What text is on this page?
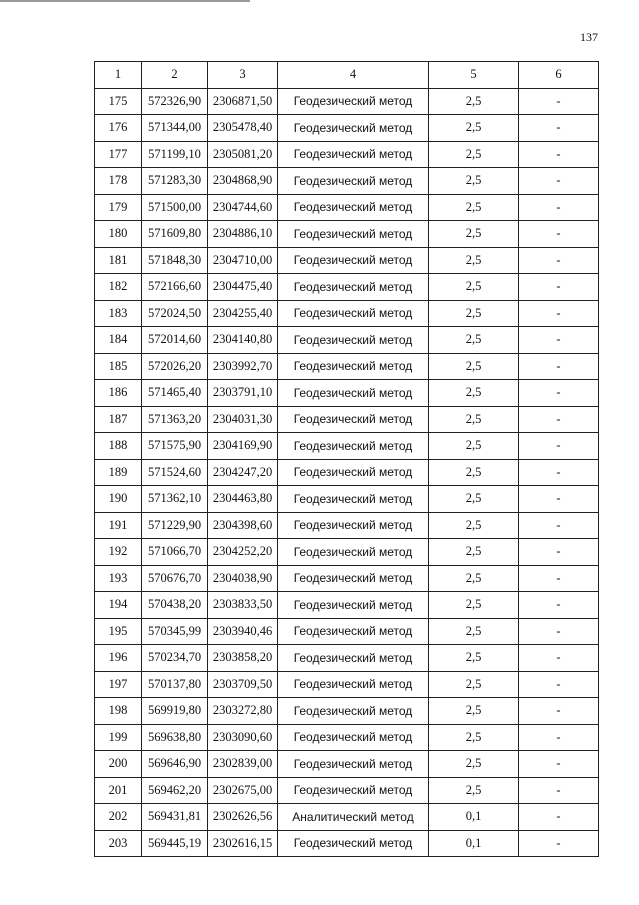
137
1	2	3	4	5	6
175	572326,90	2306871,50	Геодезический метод	2,5	-
176	571344,00	2305478,40	Геодезический метод	2,5	-
177	571199,10	2305081,20	Геодезический метод	2,5	-
178	571283,30	2304868,90	Геодезический метод	2,5	-
179	571500,00	2304744,60	Геодезический метод	2,5	-
180	571609,80	2304886,10	Геодезический метод	2,5	-
181	571848,30	2304710,00	Геодезический метод	2,5	-
182	572166,60	2304475,40	Геодезический метод	2,5	-
183	572024,50	2304255,40	Геодезический метод	2,5	-
184	572014,60	2304140,80	Геодезический метод	2,5	-
185	572026,20	2303992,70	Геодезический метод	2,5	-
186	571465,40	2303791,10	Геодезический метод	2,5	-
187	571363,20	2304031,30	Геодезический метод	2,5	-
188	571575,90	2304169,90	Геодезический метод	2,5	-
189	571524,60	2304247,20	Геодезический метод	2,5	-
190	571362,10	2304463,80	Геодезический метод	2,5	-
191	571229,90	2304398,60	Геодезический метод	2,5	-
192	571066,70	2304252,20	Геодезический метод	2,5	-
193	570676,70	2304038,90	Геодезический метод	2,5	-
194	570438,20	2303833,50	Геодезический метод	2,5	-
195	570345,99	2303940,46	Геодезический метод	2,5	-
196	570234,70	2303858,20	Геодезический метод	2,5	-
197	570137,80	2303709,50	Геодезический метод	2,5	-
198	569919,80	2303272,80	Геодезический метод	2,5	-
199	569638,80	2303090,60	Геодезический метод	2,5	-
200	569646,90	2302839,00	Геодезический метод	2,5	-
201	569462,20	2302675,00	Геодезический метод	2,5	-
202	569431,81	2302626,56	Аналитический метод	0,1	-
203	569445,19	2302616,15	Геодезический метод	0,1	-
